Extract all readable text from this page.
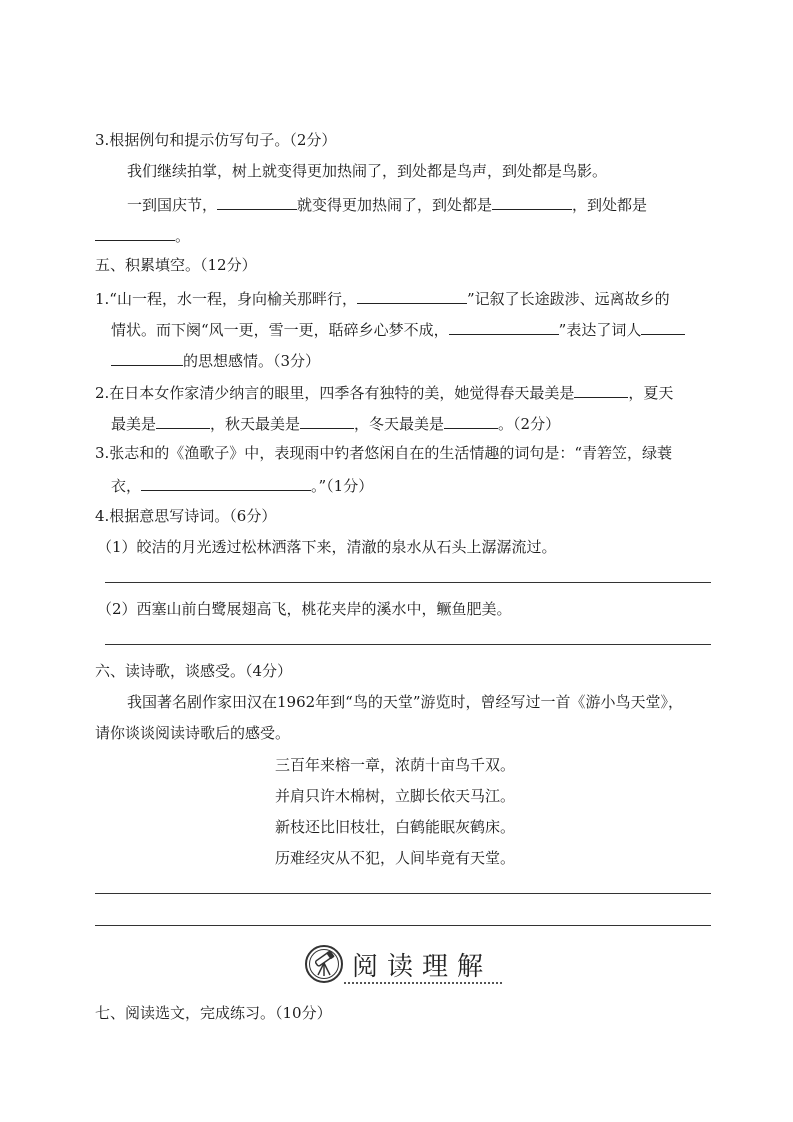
3.根据例句和提示仿写句子。（2分）
我们继续拍掌，树上就变得更加热闹了，到处都是鸟声，到处都是鸟影。
一到国庆节，	就变得更加热闹了，到处都是	，到处都是
。
五、积累填空。（12分）
1.“山一程，水一程，身向榆关那畔行，	”记叙了长途跋涉、远离故乡的
情状。而下阕“风一更，雪一更，聒碎乡心梦不成，	”表达了词人
的思想感情。（3分）
2.在日本女作家清少纳言的眼里，四季各有独特的美，她觉得春天最美是	，夏天
最美是	，秋天最美是	，冬天最美是	。（2分）
3.张志和的《渔歌子》中，表现雨中钓者悠闲自在的生活情趣的词句是：“青箬笠，绿蓑
衣，	。”（1分）
4.根据意思写诗词。（6分）
（1）皎洁的月光透过松林洒落下来，清澈的泉水从石头上潺潺流过。
（2）西塞山前白鹭展翅高飞，桃花夹岸的溪水中，鳜鱼肥美。
六、读诗歌，谈感受。（4分）
我国著名剧作家田汉在1962年到“鸟的天堂”游览时，曾经写过一首《游小鸟天堂》，
请你谈谈阅读诗歌后的感受。
三百年来榕一章，浓荫十亩鸟千双。
并肩只许木棉树，立脚长依天马江。
新枝还比旧枝壮，白鹤能眠灰鹤床。
历难经灾从不犯，人间毕竟有天堂。
阅读理解
七、阅读选文，完成练习。（10分）
